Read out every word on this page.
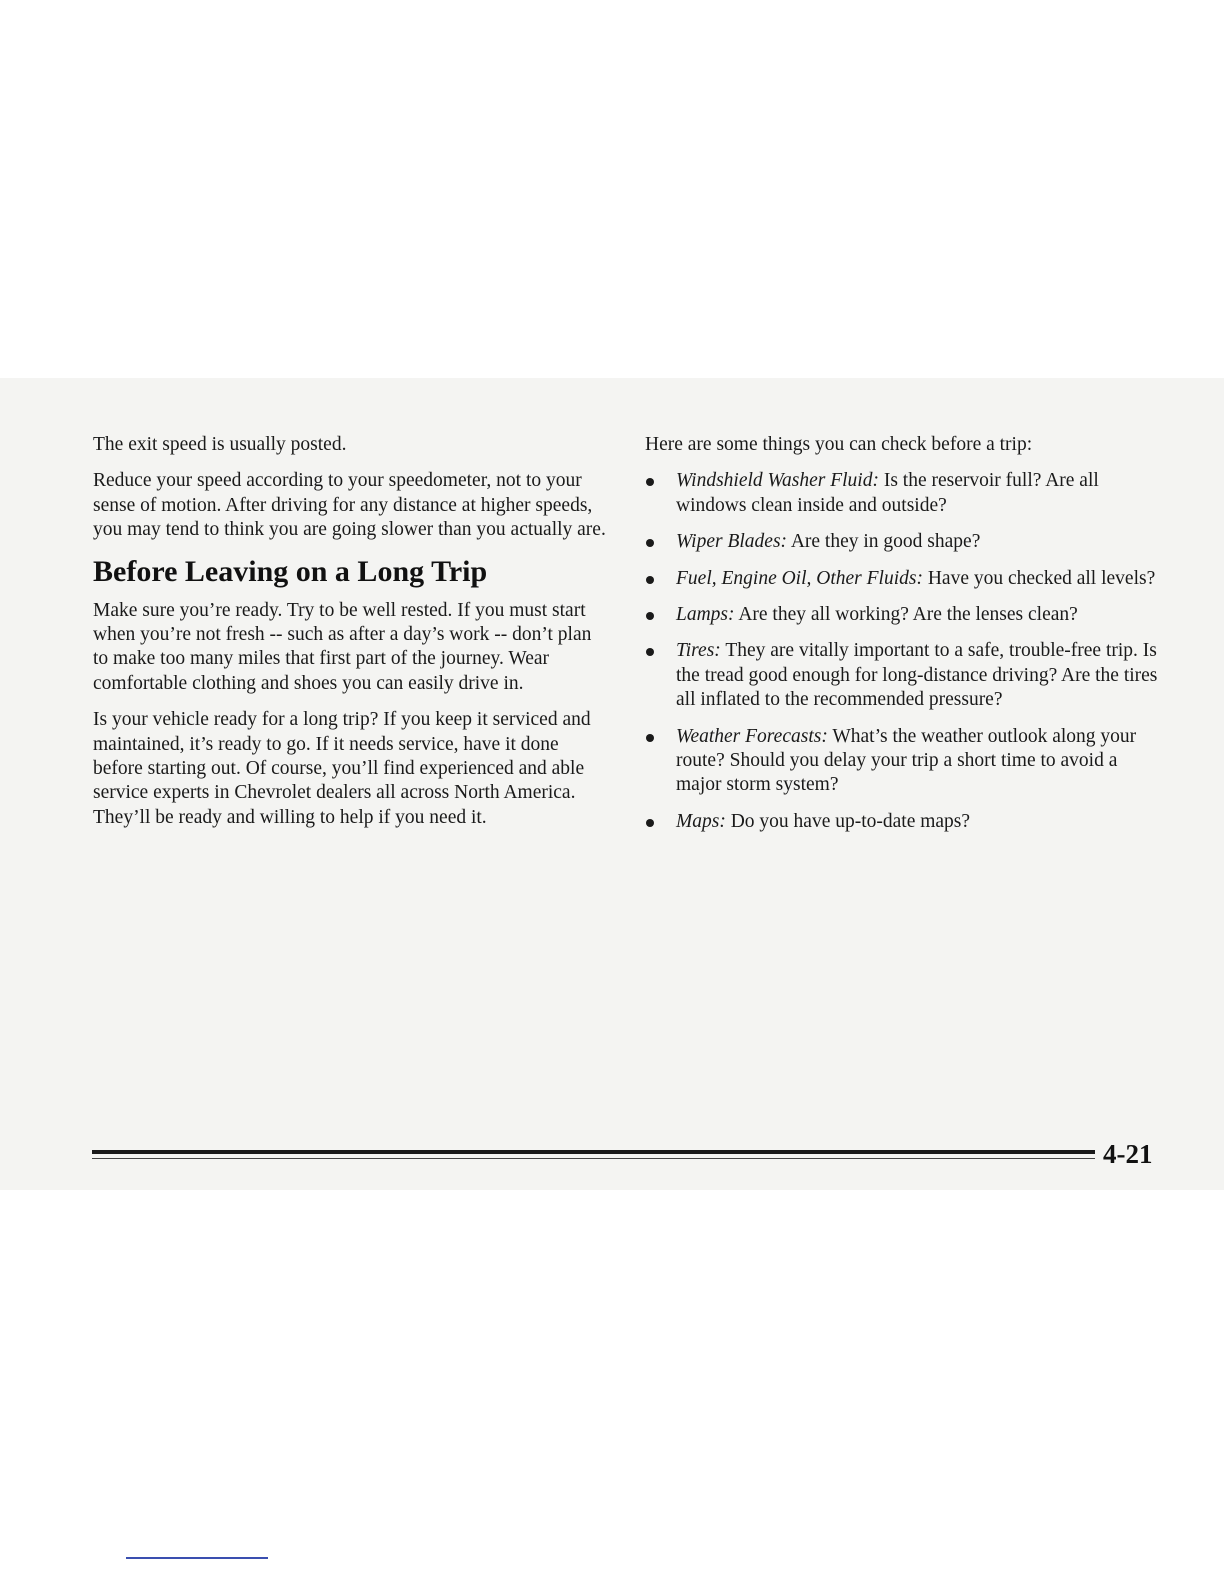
The exit speed is usually posted.

Reduce your speed according to your speedometer, not to your sense of motion. After driving for any distance at higher speeds, you may tend to think you are going slower than you actually are.

Before Leaving on a Long Trip

Make sure you’re ready. Try to be well rested. If you must start when you’re not fresh -- such as after a day’s work -- don’t plan to make too many miles that first part of the journey. Wear comfortable clothing and shoes you can easily drive in.

Is your vehicle ready for a long trip? If you keep it serviced and maintained, it’s ready to go. If it needs service, have it done before starting out. Of course, you’ll find experienced and able service experts in Chevrolet dealers all across North America. They’ll be ready and willing to help if you need it.

Here are some things you can check before a trip:

Windshield Washer Fluid: Is the reservoir full? Are all windows clean inside and outside?
Wiper Blades: Are they in good shape?
Fuel, Engine Oil, Other Fluids: Have you checked all levels?
Lamps: Are they all working? Are the lenses clean?
Tires: They are vitally important to a safe, trouble-free trip. Is the tread good enough for long-distance driving? Are the tires all inflated to the recommended pressure?
Weather Forecasts: What’s the weather outlook along your route? Should you delay your trip a short time to avoid a major storm system?
Maps: Do you have up-to-date maps?
4-21
